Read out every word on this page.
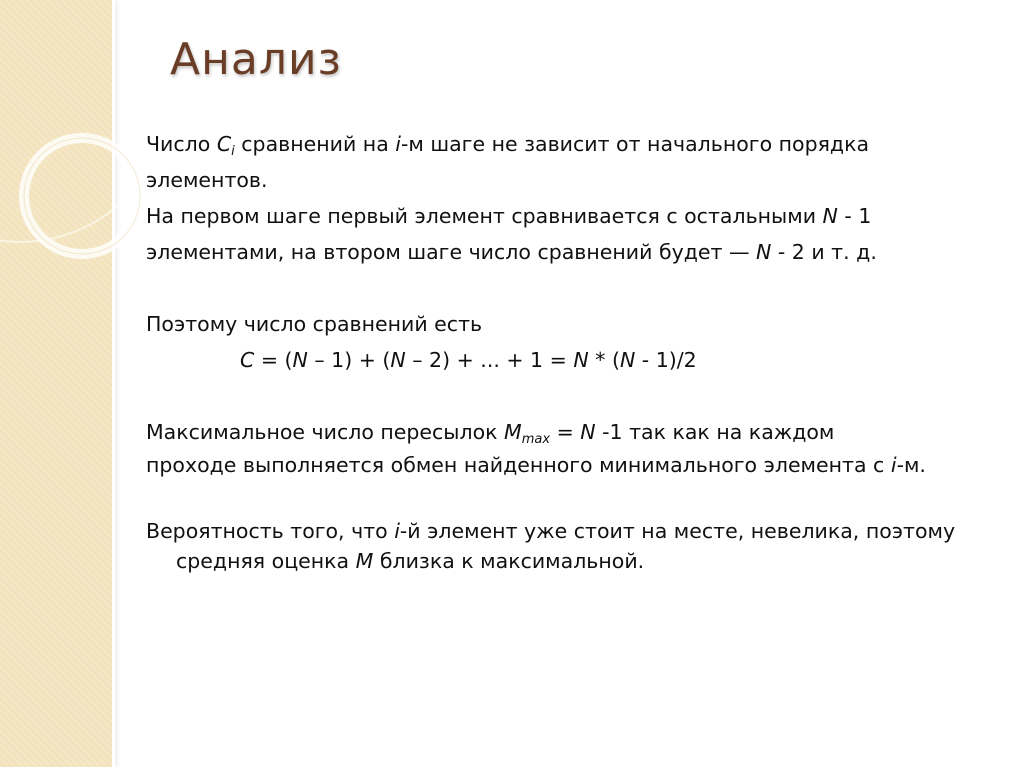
Анализ

Число $C_i$ сравнений на i-м шаге не зависит от начального порядка

элементов.

На первом шаге первый элемент сравнивается с остальными N - 1

элементами, на втором шаге число сравнений будет — N - 2 и т. д.

Поэтому число сравнений есть

C = (N – 1) + (N – 2) + ... + 1 = N * (N - 1)/2

Максимальное число пересылок $M_{max} = N$ -1 так как на каждом

проходе выполняется обмен найденного минимального элемента с i-м.

Вероятность того, что i-й элемент уже стоит на месте, невелика, поэтому средняя оценка M близка к максимальной.
